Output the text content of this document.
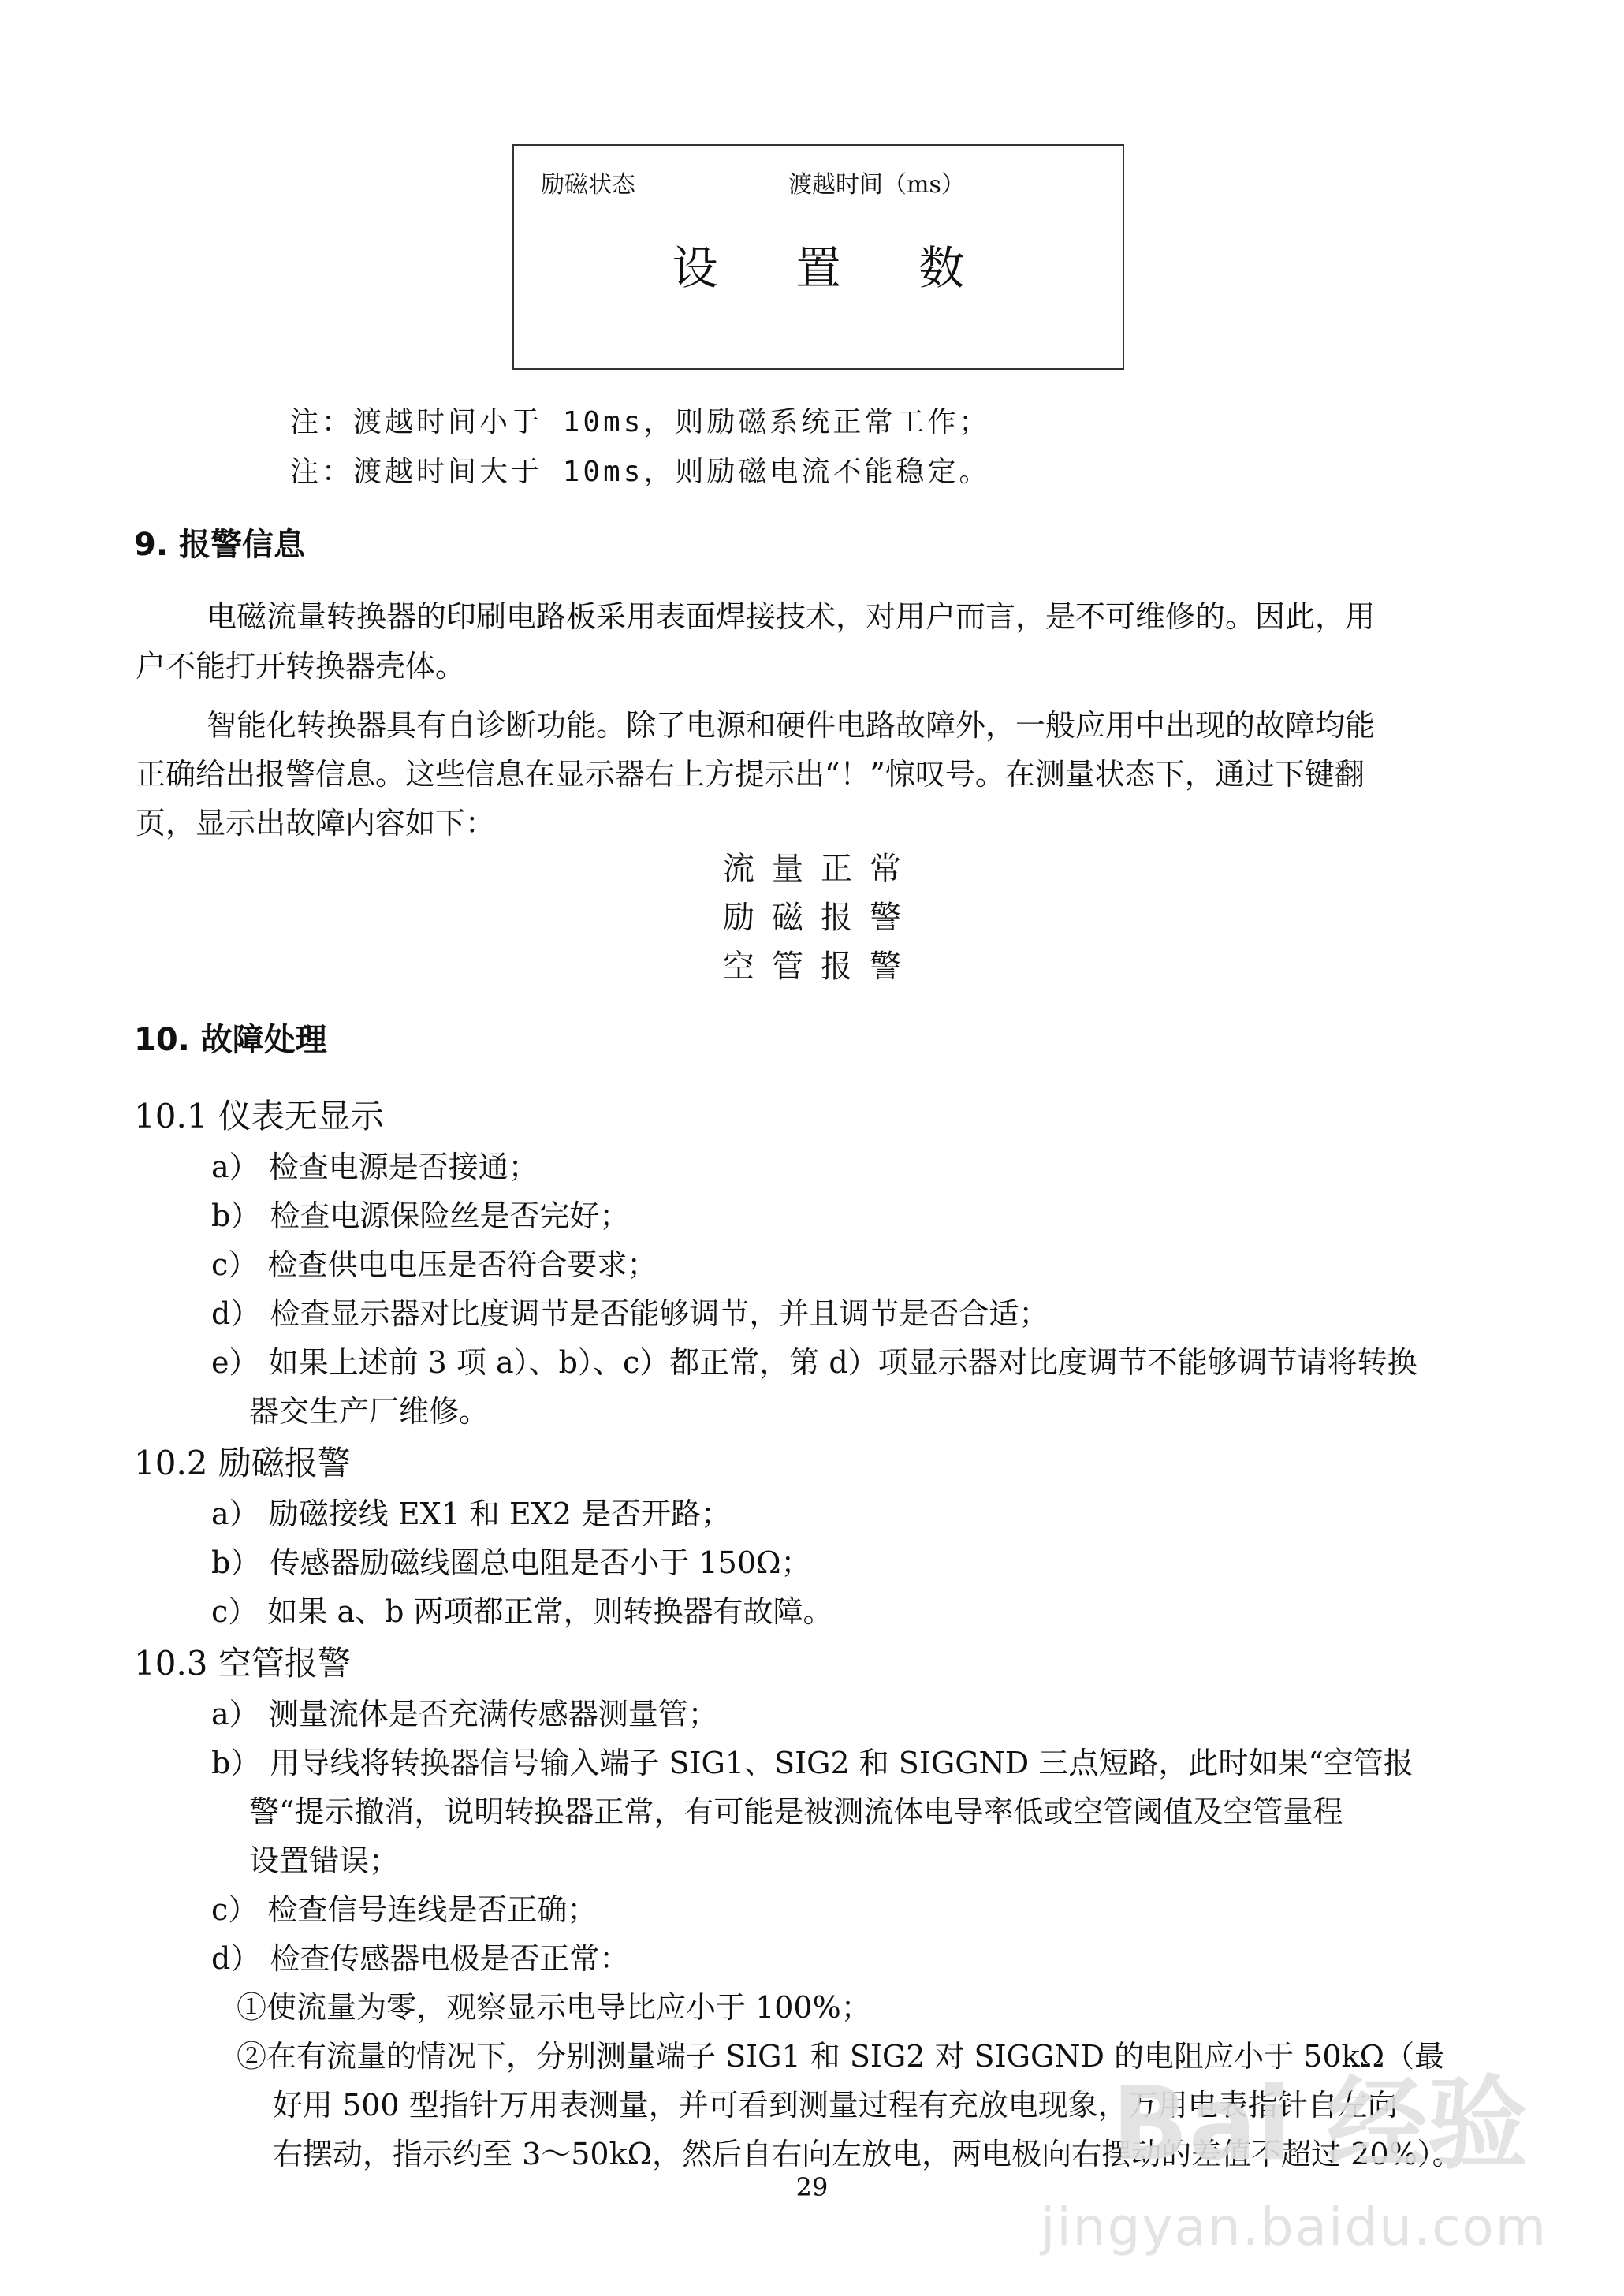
励磁状态	渡越时间（ms）
设 置 数
注：渡越时间小于 10ms，则励磁系统正常工作；
注：渡越时间大于 10ms，则励磁电流不能稳定。
9. 报警信息
电磁流量转换器的印刷电路板采用表面焊接技术，对用户而言，是不可维修的。因此，用
户不能打开转换器壳体。
智能化转换器具有自诊断功能。除了电源和硬件电路故障外，一般应用中出现的故障均能
正确给出报警信息。这些信息在显示器右上方提示出“！”惊叹号。在测量状态下，通过下键翻
页，显示出故障内容如下：
流量正常
励磁报警
空管报警
10. 故障处理
10.1 仪表无显示
a） 检查电源是否接通；
b） 检查电源保险丝是否完好；
c） 检查供电电压是否符合要求；
d） 检查显示器对比度调节是否能够调节，并且调节是否合适；
e） 如果上述前 3 项 a）、b）、c）都正常，第 d）项显示器对比度调节不能够调节请将转换
器交生产厂维修。
10.2 励磁报警
a） 励磁接线 EX1 和 EX2 是否开路；
b） 传感器励磁线圈总电阻是否小于 150Ω；
c） 如果 a、b 两项都正常，则转换器有故障。
10.3 空管报警
a） 测量流体是否充满传感器测量管；
b） 用导线将转换器信号输入端子 SIG1、SIG2 和 SIGGND 三点短路，此时如果“空管报
警“提示撤消，说明转换器正常，有可能是被测流体电导率低或空管阈值及空管量程
设置错误；
c） 检查信号连线是否正确；
d） 检查传感器电极是否正常：
①使流量为零，观察显示电导比应小于 100%；
②在有流量的情况下，分别测量端子 SIG1 和 SIG2 对 SIGGND 的电阻应小于 50kΩ（最
好用 500 型指针万用表测量，并可看到测量过程有充放电现象，万用电表指针自左向
右摆动，指示约至 3～50kΩ，然后自右向左放电，两电极向右摆动的差值不超过 20%）。
29
Bai 经验
jingyan.baidu.com
